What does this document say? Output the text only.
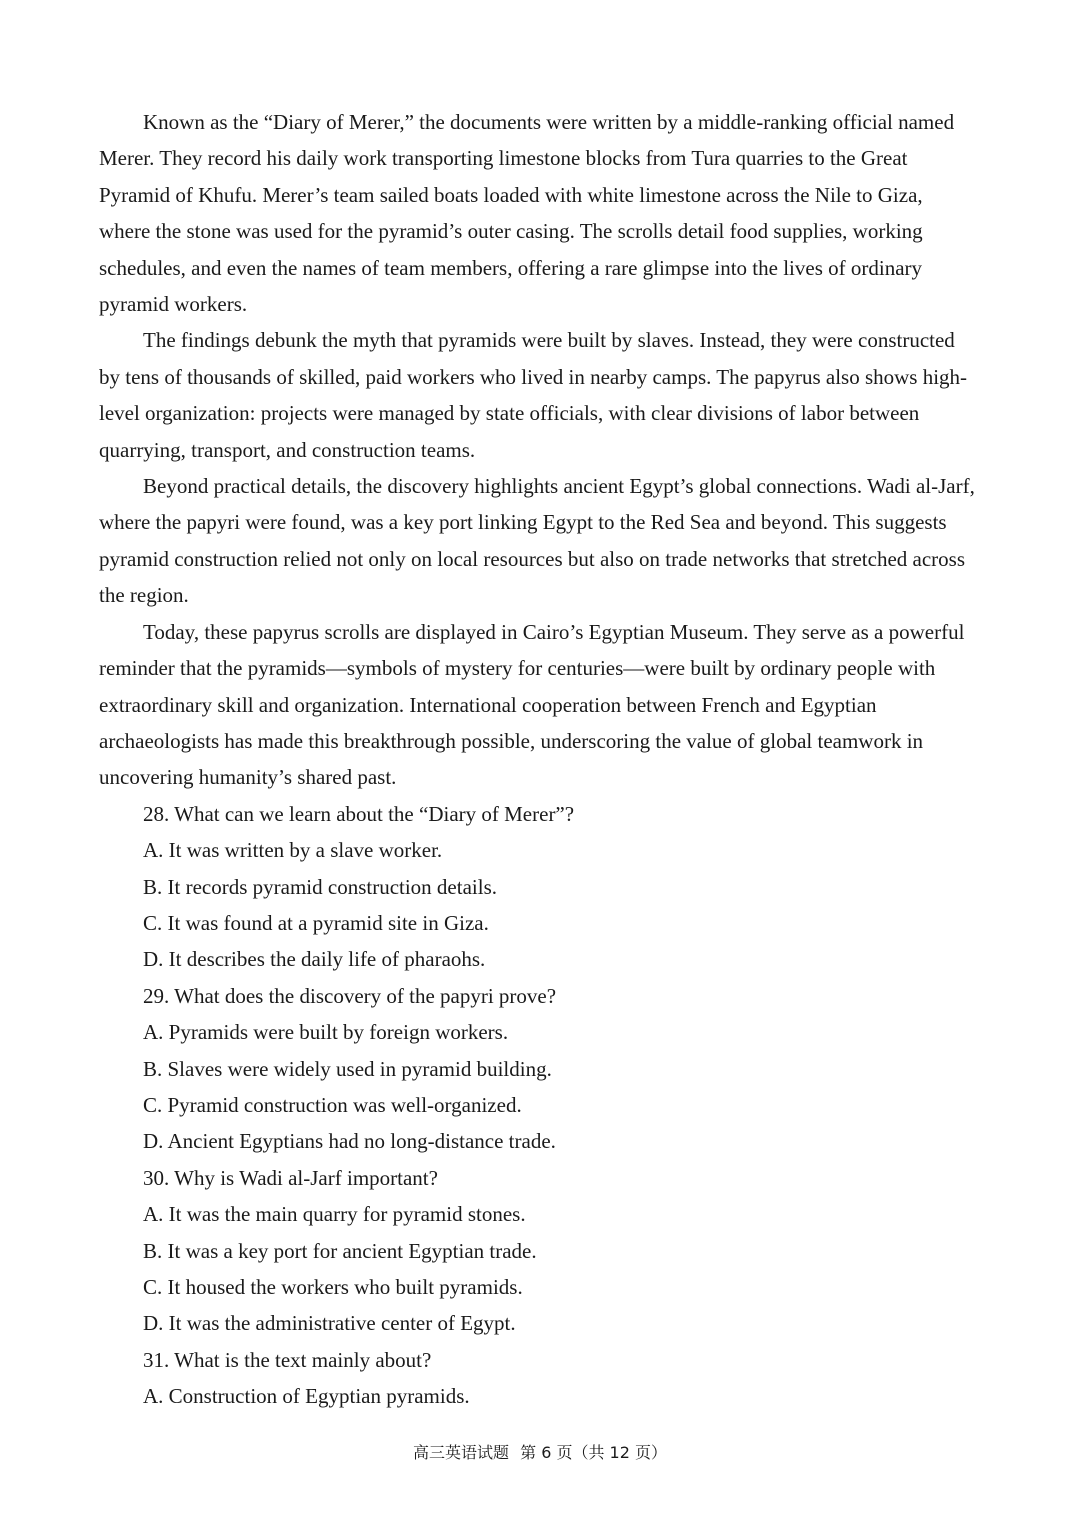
Known as the “Diary of Merer,” the documents were written by a middle-ranking official named Merer. They record his daily work transporting limestone blocks from Tura quarries to the Great Pyramid of Khufu. Merer’s team sailed boats loaded with white limestone across the Nile to Giza, where the stone was used for the pyramid’s outer casing. The scrolls detail food supplies, working schedules, and even the names of team members, offering a rare glimpse into the lives of ordinary pyramid workers.

The findings debunk the myth that pyramids were built by slaves. Instead, they were constructed by tens of thousands of skilled, paid workers who lived in nearby camps. The papyrus also shows high-level organization: projects were managed by state officials, with clear divisions of labor between quarrying, transport, and construction teams.

Beyond practical details, the discovery highlights ancient Egypt’s global connections. Wadi al-Jarf, where the papyri were found, was a key port linking Egypt to the Red Sea and beyond. This suggests pyramid construction relied not only on local resources but also on trade networks that stretched across the region.

Today, these papyrus scrolls are displayed in Cairo’s Egyptian Museum. They serve as a powerful reminder that the pyramids—symbols of mystery for centuries—were built by ordinary people with extraordinary skill and organization. International cooperation between French and Egyptian archaeologists has made this breakthrough possible, underscoring the value of global teamwork in uncovering humanity’s shared past.

28. What can we learn about the “Diary of Merer”?

A. It was written by a slave worker.

B. It records pyramid construction details.

C. It was found at a pyramid site in Giza.

D. It describes the daily life of pharaohs.

29. What does the discovery of the papyri prove?

A. Pyramids were built by foreign workers.

B. Slaves were widely used in pyramid building.

C. Pyramid construction was well-organized.

D. Ancient Egyptians had no long-distance trade.

30. Why is Wadi al-Jarf important?

A. It was the main quarry for pyramid stones.

B. It was a key port for ancient Egyptian trade.

C. It housed the workers who built pyramids.

D. It was the administrative center of Egypt.

31. What is the text mainly about?

A. Construction of Egyptian pyramids.

高三英语试题 第 6 页（共 12 页）
